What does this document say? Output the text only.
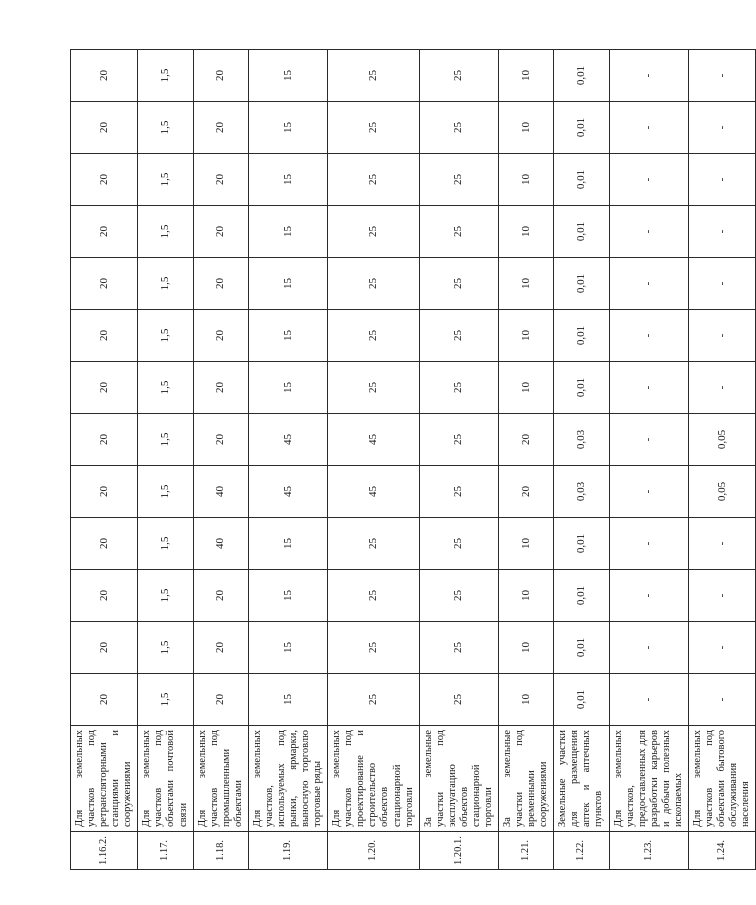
1.16.2.	Для земельных участков под ретрансляторными станциями и сооружениями	20	20	20	20	20	20	20	20	20	20	20	20	20
1.17.	Для земельных участков под объектами почтовой связи	1,5	1,5	1,5	1,5	1,5	1,5	1,5	1,5	1,5	1,5	1,5	1,5	1,5
1.18.	Для земельных участков под промышленными объектами	20	20	20	40	40	20	20	20	20	20	20	20	20
1.19.	Для земельных участков, используемых под рынки, ярмарки, выносную торговлю торговые ряды	15	15	15	15	45	45	15	15	15	15	15	15	15
1.20.	Для земельных участков под проектирование и строительство объектов стационарной торговли	25	25	25	25	45	45	25	25	25	25	25	25	25
1.20.1.	За земельные участки под эксплуатацию объектов стационарной торговли	25	25	25	25	25	25	25	25	25	25	25	25	25
1.21.	За земельные участки под временными сооружениями	10	10	10	10	20	20	10	10	10	10	10	10	10
1.22.	Земельные участки для размещения аптек и аптечных пунктов	0,01	0,01	0,01	0,01	0,03	0,03	0,01	0,01	0,01	0,01	0,01	0,01	0,01
1.23.	Для земельных участков, предоставленных для разработки карьеров и добычи полезных ископаемых	-	-	-	-	-	-	-	-	-	-	-	-	-
1.24.	Для земельных участков под объектами бытового обслуживания населения	-	-	-	-	0,05	0,05	-	-	-	-	-	-	-
